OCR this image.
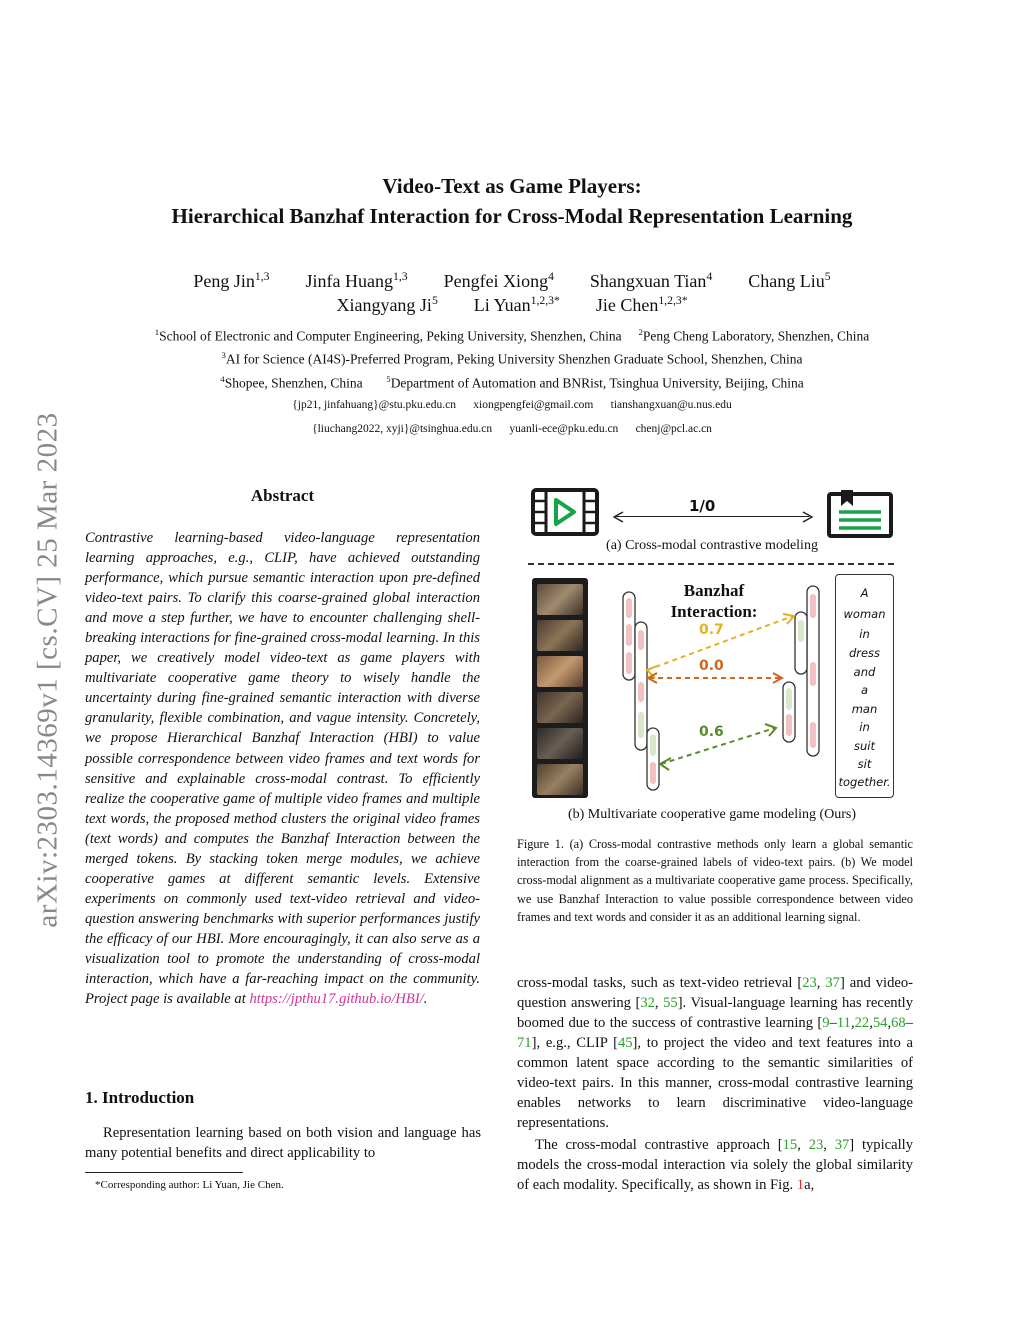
arXiv:2303.14369v1 [cs.CV] 25 Mar 2023
Video-Text as Game Players:
Hierarchical Banzhaf Interaction for Cross-Modal Representation Learning
Peng Jin$^{1,3}$ Jinfa Huang$^{1,3}$ Pengfei Xiong$^4$ Shangxuan Tian$^4$ Chang Liu$^5$
Xiangyang Ji$^5$ Li Yuan$^{1,2,3*}$ Jie Chen$^{1,2,3*}$
$^1$School of Electronic and Computer Engineering, Peking University, Shenzhen, China $^2$Peng Cheng Laboratory, Shenzhen, China
$^3$AI for Science (AI4S)-Preferred Program, Peking University Shenzhen Graduate School, Shenzhen, China
$^4$Shopee, Shenzhen, China	$^5$Department of Automation and BNRist, Tsinghua University, Beijing, China
{jp21, jinfahuang}@stu.pku.edu.cn xiongpengfei@gmail.com tianshangxuan@u.nus.edu
{liuchang2022, xyji}@tsinghua.edu.cn yuanli-ece@pku.edu.cn chenj@pcl.ac.cn
Abstract
Contrastive learning-based video-language representation learning approaches, e.g., CLIP, have achieved outstanding performance, which pursue semantic interaction upon pre-defined video-text pairs. To clarify this coarse-grained global interaction and move a step further, we have to encounter challenging shell-breaking interactions for fine-grained cross-modal learning. In this paper, we creatively model video-text as game players with multivariate cooperative game theory to wisely handle the uncertainty during fine-grained semantic interaction with diverse granularity, flexible combination, and vague intensity. Concretely, we propose Hierarchical Banzhaf Interaction (HBI) to value possible correspondence between video frames and text words for sensitive and explainable cross-modal contrast. To efficiently realize the cooperative game of multiple video frames and multiple text words, the proposed method clusters the original video frames (text words) and computes the Banzhaf Interaction between the merged tokens. By stacking token merge modules, we achieve cooperative games at different semantic levels. Extensive experiments on commonly used text-video retrieval and video-question answering benchmarks with superior performances justify the efficacy of our HBI. More encouragingly, it can also serve as a visualization tool to promote the understanding of cross-modal interaction, which have a far-reaching impact on the community. Project page is available at https://jpthu17.github.io/HBI/.
1. Introduction
Representation learning based on both vision and language has many potential benefits and direct applicability to
*Corresponding author: Li Yuan, Jie Chen.
1/0
(a) Cross-modal contrastive modeling
Banzhaf
Interaction:
0.7
0.0
0.6
A
woman
in
dress
and
a
man
in
suit
sit
together.
(b) Multivariate cooperative game modeling (Ours)
Figure 1. (a) Cross-modal contrastive methods only learn a global semantic interaction from the coarse-grained labels of video-text pairs. (b) We model cross-modal alignment as a multivariate cooperative game process. Specifically, we use Banzhaf Interaction to value possible correspondence between video frames and text words and consider it as an additional learning signal.
cross-modal tasks, such as text-video retrieval [23, 37] and video-question answering [32, 55]. Visual-language learning has recently boomed due to the success of contrastive learning [9–11,22,54,68–71], e.g., CLIP [45], to project the video and text features into a common latent space according to the semantic similarities of video-text pairs. In this manner, cross-modal contrastive learning enables networks to learn discriminative video-language representations.
The cross-modal contrastive approach [15, 23, 37] typically models the cross-modal interaction via solely the global similarity of each modality. Specifically, as shown in Fig. 1a,
